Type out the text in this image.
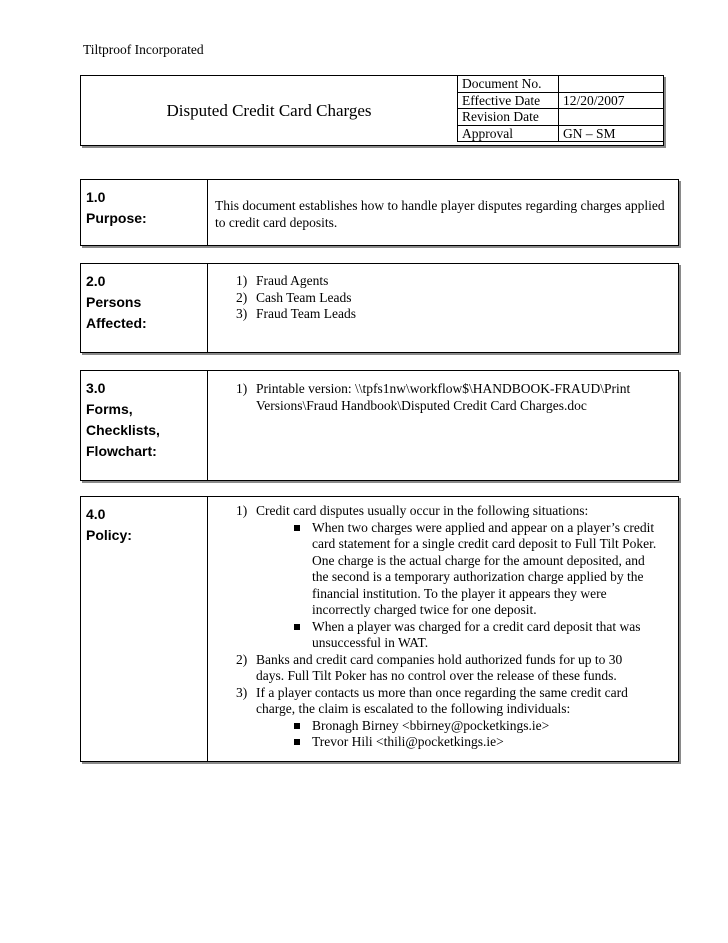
Tiltproof Incorporated
Disputed Credit Card Charges
Document No.	
Effective Date	12/20/2007
Revision Date	
Approval	GN – SM
1.0
Purpose:
This document establishes how to handle player disputes regarding charges applied to credit card deposits.
2.0
Persons
Affected:
1) Fraud Agents
2) Cash Team Leads
3) Fraud Team Leads
3.0
Forms,
Checklists,
Flowchart:
1) Printable version: \\tpfs1nw\workflow$\HANDBOOK-FRAUD\Print Versions\Fraud Handbook\Disputed Credit Card Charges.doc
4.0
Policy:
1) Credit card disputes usually occur in the following situations:
When two charges were applied and appear on a player’s credit card statement for a single credit card deposit to Full Tilt Poker. One charge is the actual charge for the amount deposited, and the second is a temporary authorization charge applied by the financial institution. To the player it appears they were incorrectly charged twice for one deposit.
When a player was charged for a credit card deposit that was unsuccessful in WAT.
2) Banks and credit card companies hold authorized funds for up to 30 days. Full Tilt Poker has no control over the release of these funds.
3) If a player contacts us more than once regarding the same credit card charge, the claim is escalated to the following individuals:
Bronagh Birney <bbirney@pocketkings.ie>
Trevor Hili <thili@pocketkings.ie>
